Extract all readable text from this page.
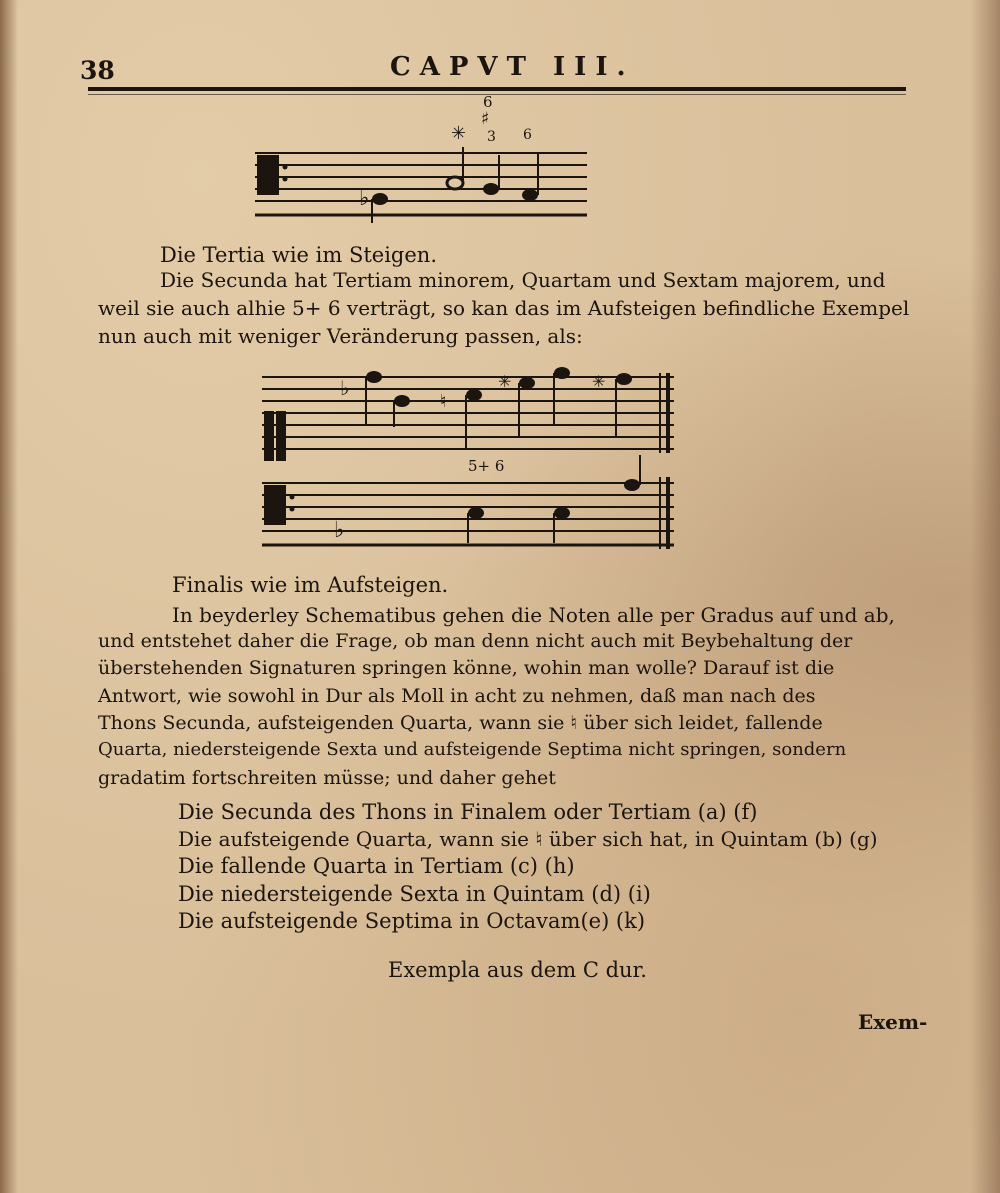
38	CAPVT III.
♭
✳
6
♯
3 6
Die Tertia wie im Steigen.
Die Secunda hat Tertiam minorem, Quartam und Sextam majorem, und
weil sie auch alhie 5+ 6 verträgt, so kan das im Aufsteigen befindliche Exempel
nun auch mit weniger Veränderung passen, als:
♭
♮
✳	✳
♭
5+ 6
Finalis wie im Aufsteigen.
In beyderley Schematibus gehen die Noten alle per Gradus auf und ab,
und entstehet daher die Frage, ob man denn nicht auch mit Beybehaltung der
überstehenden Signaturen springen könne, wohin man wolle? Darauf ist die
Antwort, wie sowohl in Dur als Moll in acht zu nehmen, daß man nach des
Thons Secunda, aufsteigenden Quarta, wann sie ♮ über sich leidet, fallende
Quarta, niedersteigende Sexta und aufsteigende Septima nicht springen, sondern
gradatim fortschreiten müsse; und daher gehet
Die Secunda des Thons in Finalem oder Tertiam (a) (f)
Die aufsteigende Quarta, wann sie ♮ über sich hat, in Quintam (b) (g)
Die fallende Quarta in Tertiam (c) (h)
Die niedersteigende Sexta in Quintam (d) (i)
Die aufsteigende Septima in Octavam(e) (k)
Exempla aus dem C dur.
Exem-
